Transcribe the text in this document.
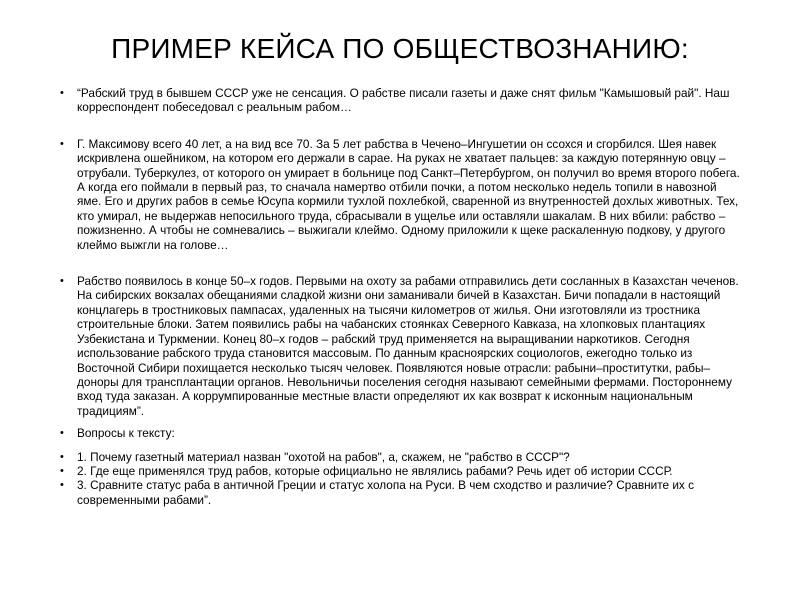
ПРИМЕР КЕЙСА ПО ОБЩЕСТВОЗНАНИЮ:
• “Рабский труд в бывшем СССР уже не сенсация. О рабстве писали газеты и даже снят фильм "Камышовый рай". Наш корреспондент побеседовал с реальным рабом…
• Г. Максимову всего 40 лет, а на вид все 70. За 5 лет рабства в Чечено–Ингушетии он ссохся и сгорбился. Шея навек искривлена ошейником, на котором его держали в сарае. На руках не хватает пальцев: за каждую потерянную овцу – отрубали. Туберкулез, от которого он умирает в больнице под Санкт–Петербургом, он получил во время второго побега. А когда его поймали в первый раз, то сначала намертво отбили почки, а потом несколько недель топили в навозной яме. Его и других рабов в семье Юсупа кормили тухлой похлебкой, сваренной из внутренностей дохлых животных. Тех, кто умирал, не выдержав непосильного труда, сбрасывали в ущелье или оставляли шакалам. В них вбили: рабство – пожизненно. А чтобы не сомневались – выжигали клеймо. Одному приложили к щеке раскаленную подкову, у другого клеймо выжгли на голове…
• Рабство появилось в конце 50–х годов. Первыми на охоту за рабами отправились дети сосланных в Казахстан чеченов. На сибирских вокзалах обещаниями сладкой жизни они заманивали бичей в Казахстан. Бичи попадали в настоящий концлагерь в тростниковых пампасах, удаленных на тысячи километров от жилья. Они изготовляли из тростника строительные блоки. Затем появились рабы на чабанских стоянках Северного Кавказа, на хлопковых плантациях Узбекистана и Туркмении. Конец 80–х годов – рабский труд применяется на выращивании наркотиков. Сегодня использование рабского труда становится массовым. По данным красноярских социологов, ежегодно только из Восточной Сибири похищается несколько тысяч человек. Появляются новые отрасли: рабыни–проститутки, рабы–доноры для трансплантации органов. Невольничьи поселения сегодня называют семейными фермами. Постороннему вход туда заказан. А коррумпированные местные власти определяют их как возврат к исконным национальным традициям”.
• Вопросы к тексту:
• 1. Почему газетный материал назван "охотой на рабов", а, скажем, не "рабство в СССР"?
• 2. Где еще применялся труд рабов, которые официально не являлись рабами? Речь идет об истории СССР.
• 3. Сравните статус раба в античной Греции и статус холопа на Руси. В чем сходство и различие? Сравните их с современными рабами”.
